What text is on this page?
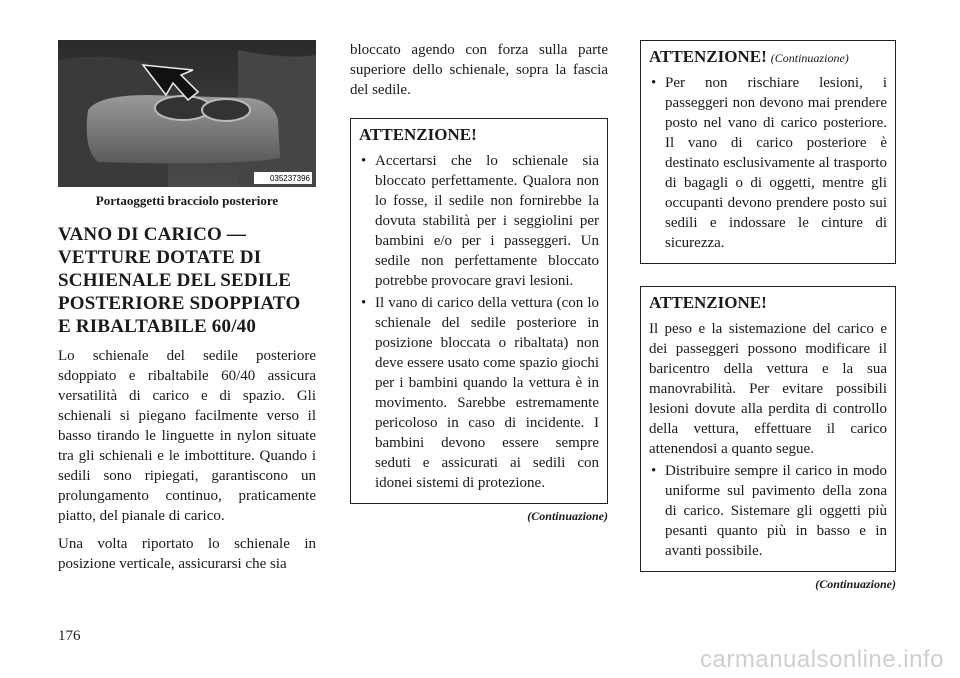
035237396
Portaoggetti bracciolo posteriore
VANO DI CARICO —
VETTURE DOTATE DI
SCHIENALE DEL SEDILE
POSTERIORE SDOPPIATO
E RIBALTABILE 60/40

Lo schienale del sedile posteriore sdoppiato e ribaltabile 60/40 assicura versatilità di carico e di spazio. Gli schienali si piegano facilmente verso il basso tirando le linguette in nylon situate tra gli schienali e le imbottiture. Quando i sedili sono ripiegati, garantiscono un prolungamento continuo, praticamente piatto, del pianale di carico.

Una volta riportato lo schienale in posizione verticale, assicurarsi che sia

bloccato agendo con forza sulla parte superiore dello schienale, sopra la fascia del sedile.

ATTENZIONE!
• Accertarsi che lo schienale sia bloccato perfettamente. Qualora non lo fosse, il sedile non fornirebbe la dovuta stabilità per i seggiolini per bambini e/o per i passeggeri. Un sedile non perfettamente bloccato potrebbe provocare gravi lesioni.
• Il vano di carico della vettura (con lo schienale del sedile posteriore in posizione bloccata o ribaltata) non deve essere usato come spazio giochi per i bambini quando la vettura è in movimento. Sarebbe estremamente pericoloso in caso di incidente. I bambini devono essere sempre seduti e assicurati ai sedili con idonei sistemi di protezione.
(Continuazione)
ATTENZIONE! (Continuazione)
• Per non rischiare lesioni, i passeggeri non devono mai prendere posto nel vano di carico posteriore. Il vano di carico posteriore è destinato esclusivamente al trasporto di bagagli o di oggetti, mentre gli occupanti devono prendere posto sui sedili e indossare le cinture di sicurezza.
ATTENZIONE!

Il peso e la sistemazione del carico e dei passeggeri possono modificare il baricentro della vettura e la sua manovrabilità. Per evitare possibili lesioni dovute alla perdita di controllo della vettura, effettuare il carico attenendosi a quanto segue.

• Distribuire sempre il carico in modo uniforme sul pavimento della zona di carico. Sistemare gli oggetti più pesanti quanto più in basso e in avanti possibile.
(Continuazione)
176
carmanualsonline.info
